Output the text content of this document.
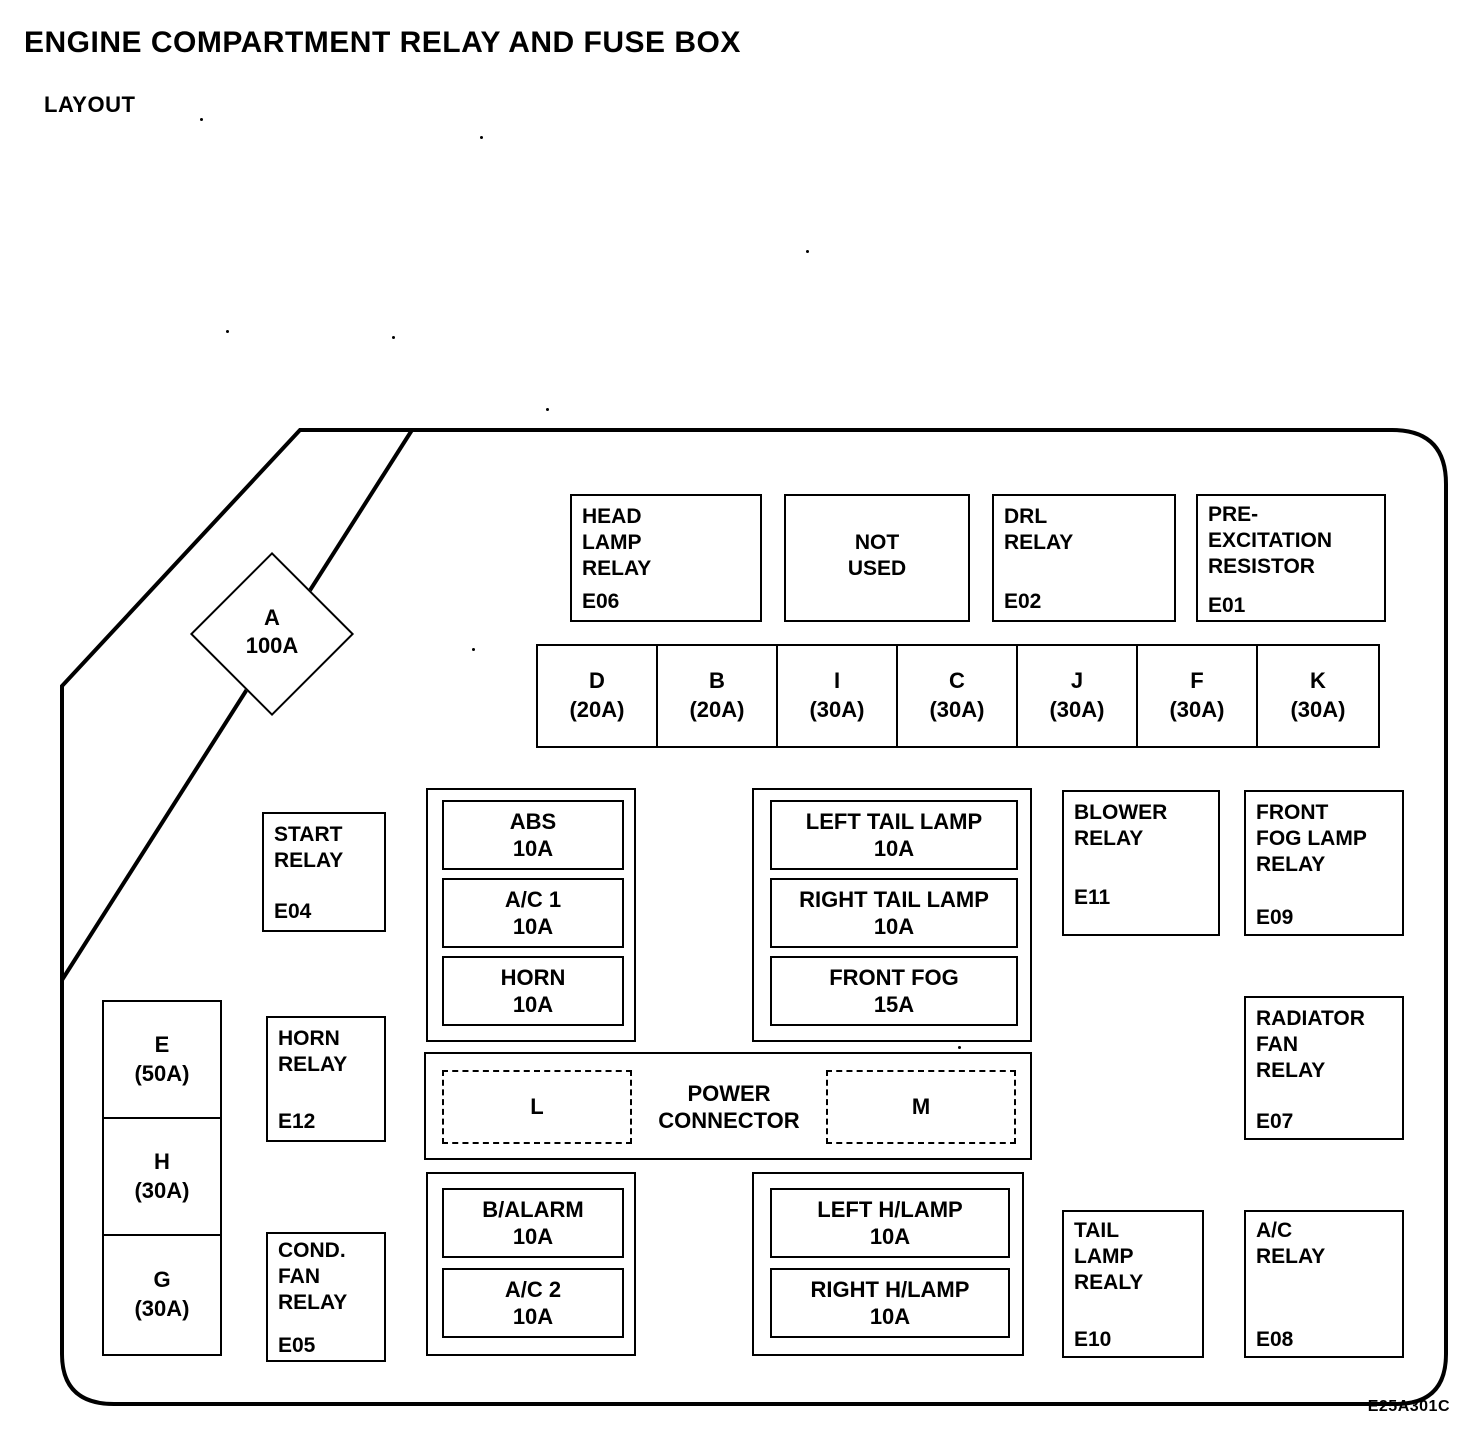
ENGINE COMPARTMENT RELAY AND FUSE BOX
LAYOUT
E25A301C
A
100A
HEAD
LAMP
RELAY
E06
NOT
USED
DRL
RELAY
E02
PRE-
EXCITATION
RESISTOR
E01
D
(20A)
B
(20A)
I
(30A)
C
(30A)
J
(30A)
F
(30A)
K
(30A)
START
RELAY
E04
HORN
RELAY
E12
COND.
FAN
RELAY
E05
E
(50A)
H
(30A)
G
(30A)
ABS
10A
A/C 1
10A
HORN
10A
LEFT TAIL LAMP
10A
RIGHT TAIL LAMP
10A
FRONT FOG
15A
BLOWER
RELAY
E11
FRONT
FOG LAMP
RELAY
E09
RADIATOR
FAN
RELAY
E07
L
POWER
CONNECTOR
M
B/ALARM
10A
A/C 2
10A
LEFT H/LAMP
10A
RIGHT H/LAMP
10A
TAIL
LAMP
REALY
E10
A/C
RELAY
E08
